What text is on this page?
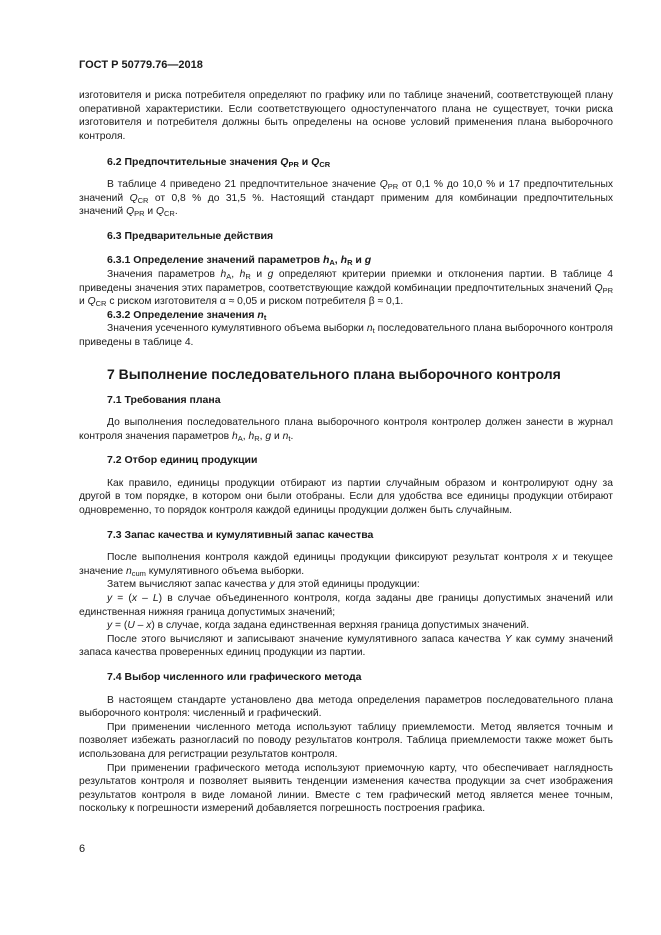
ГОСТ Р 50779.76—2018

изготовителя и риска потребителя определяют по графику или по таблице значений, соответствующей плану оперативной характеристики. Если соответствующего одноступенчатого плана не существует, точки риска изготовителя и потребителя должны быть определены на основе условий применения плана выборочного контроля.

6.2 Предпочтительные значения $Q_{PR}$ и $Q_{CR}$

В таблице 4 приведено 21 предпочтительное значение $Q_{PR}$ от 0,1 % до 10,0 % и 17 предпочтительных значений $Q_{CR}$ от 0,8 % до 31,5 %. Настоящий стандарт применим для комбинации предпочтительных значений $Q_{PR}$ и $Q_{CR}$.

6.3 Предварительные действия
6.3.1 Определение значений параметров $h_A$, $h_R$ и g

Значения параметров $h_A$, $h_R$ и g определяют критерии приемки и отклонения партии. В таблице 4 приведены значения этих параметров, соответствующие каждой комбинации предпочтительных значений $Q_{PR}$ и $Q_{CR}$ с риском изготовителя α ≈ 0,05 и риском потребителя β ≈ 0,1.

6.3.2 Определение значения $n_t$

Значения усеченного кумулятивного объема выборки $n_t$ последовательного плана выборочного контроля приведены в таблице 4.

7 Выполнение последовательного плана выборочного контроля
7.1 Требования плана

До выполнения последовательного плана выборочного контроля контролер должен занести в журнал контроля значения параметров $h_A$, $h_R$, g и $n_t$.

7.2 Отбор единиц продукции

Как правило, единицы продукции отбирают из партии случайным образом и контролируют одну за другой в том порядке, в котором они были отобраны. Если для удобства все единицы продукции отбирают одновременно, то порядок контроля каждой единицы продукции должен быть случайным.

7.3 Запас качества и кумулятивный запас качества

После выполнения контроля каждой единицы продукции фиксируют результат контроля x и текущее значение $n_{cum}$ кумулятивного объема выборки.

Затем вычисляют запас качества y для этой единицы продукции:

y = (x – L) в случае объединенного контроля, когда заданы две границы допустимых значений или единственная нижняя граница допустимых значений;

y = (U – x) в случае, когда задана единственная верхняя граница допустимых значений.

После этого вычисляют и записывают значение кумулятивного запаса качества Y как сумму значений запаса качества проверенных единиц продукции из партии.

7.4 Выбор численного или графического метода

В настоящем стандарте установлено два метода определения параметров последовательного плана выборочного контроля: численный и графический.

При применении численного метода используют таблицу приемлемости. Метод является точным и позволяет избежать разногласий по поводу результатов контроля. Таблица приемлемости также может быть использована для регистрации результатов контроля.

При применении графического метода используют приемочную карту, что обеспечивает наглядность результатов контроля и позволяет выявить тенденции изменения качества продукции за счет изображения результатов контроля в виде ломаной линии. Вместе с тем графический метод является менее точным, поскольку к погрешности измерений добавляется погрешность построения графика.

6
